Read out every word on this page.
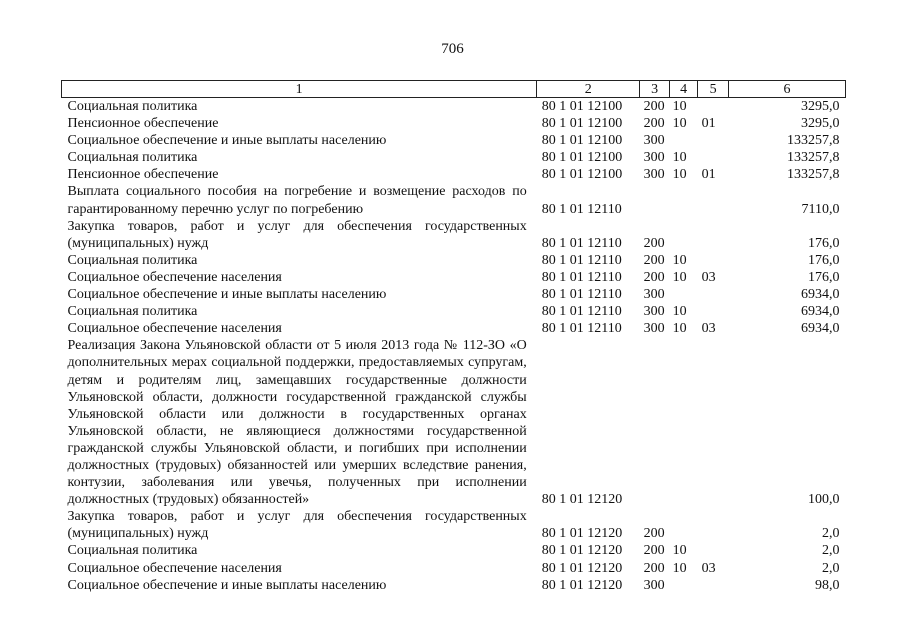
706
1	2	3	4	5	6
Социальная политика	80 1 01 12100	200	10		3295,0
Пенсионное обеспечение	80 1 01 12100	200	10	01	3295,0
Социальное обеспечение и иные выплаты населению	80 1 01 12100	300			133257,8
Социальная политика	80 1 01 12100	300	10		133257,8
Пенсионное обеспечение	80 1 01 12100	300	10	01	133257,8
Выплата социального пособия на погребение и возмещение расходов по гарантированному перечню услуг по погребению	80 1 01 12110				7110,0
Закупка товаров, работ и услуг для обеспечения государственных (муниципальных) нужд	80 1 01 12110	200			176,0
Социальная политика	80 1 01 12110	200	10		176,0
Социальное обеспечение населения	80 1 01 12110	200	10	03	176,0
Социальное обеспечение и иные выплаты населению	80 1 01 12110	300			6934,0
Социальная политика	80 1 01 12110	300	10		6934,0
Социальное обеспечение населения	80 1 01 12110	300	10	03	6934,0
Реализация Закона Ульяновской области от 5 июля 2013 года № 112-ЗО «О дополнительных мерах социальной поддержки, предоставляемых супругам, детям и родителям лиц, замещавших государственные должности Ульяновской области, должности государственной гражданской службы Ульяновской области или должности в государственных органах Ульяновской области, не являющиеся должностями государственной гражданской службы Ульяновской области, и погибших при исполнении должностных (трудовых) обязанностей или умерших вследствие ранения, контузии, заболевания или увечья, полученных при исполнении должностных (трудовых) обязанностей»	80 1 01 12120				100,0
Закупка товаров, работ и услуг для обеспечения государственных (муниципальных) нужд	80 1 01 12120	200			2,0
Социальная политика	80 1 01 12120	200	10		2,0
Социальное обеспечение населения	80 1 01 12120	200	10	03	2,0
Социальное обеспечение и иные выплаты населению	80 1 01 12120	300			98,0
